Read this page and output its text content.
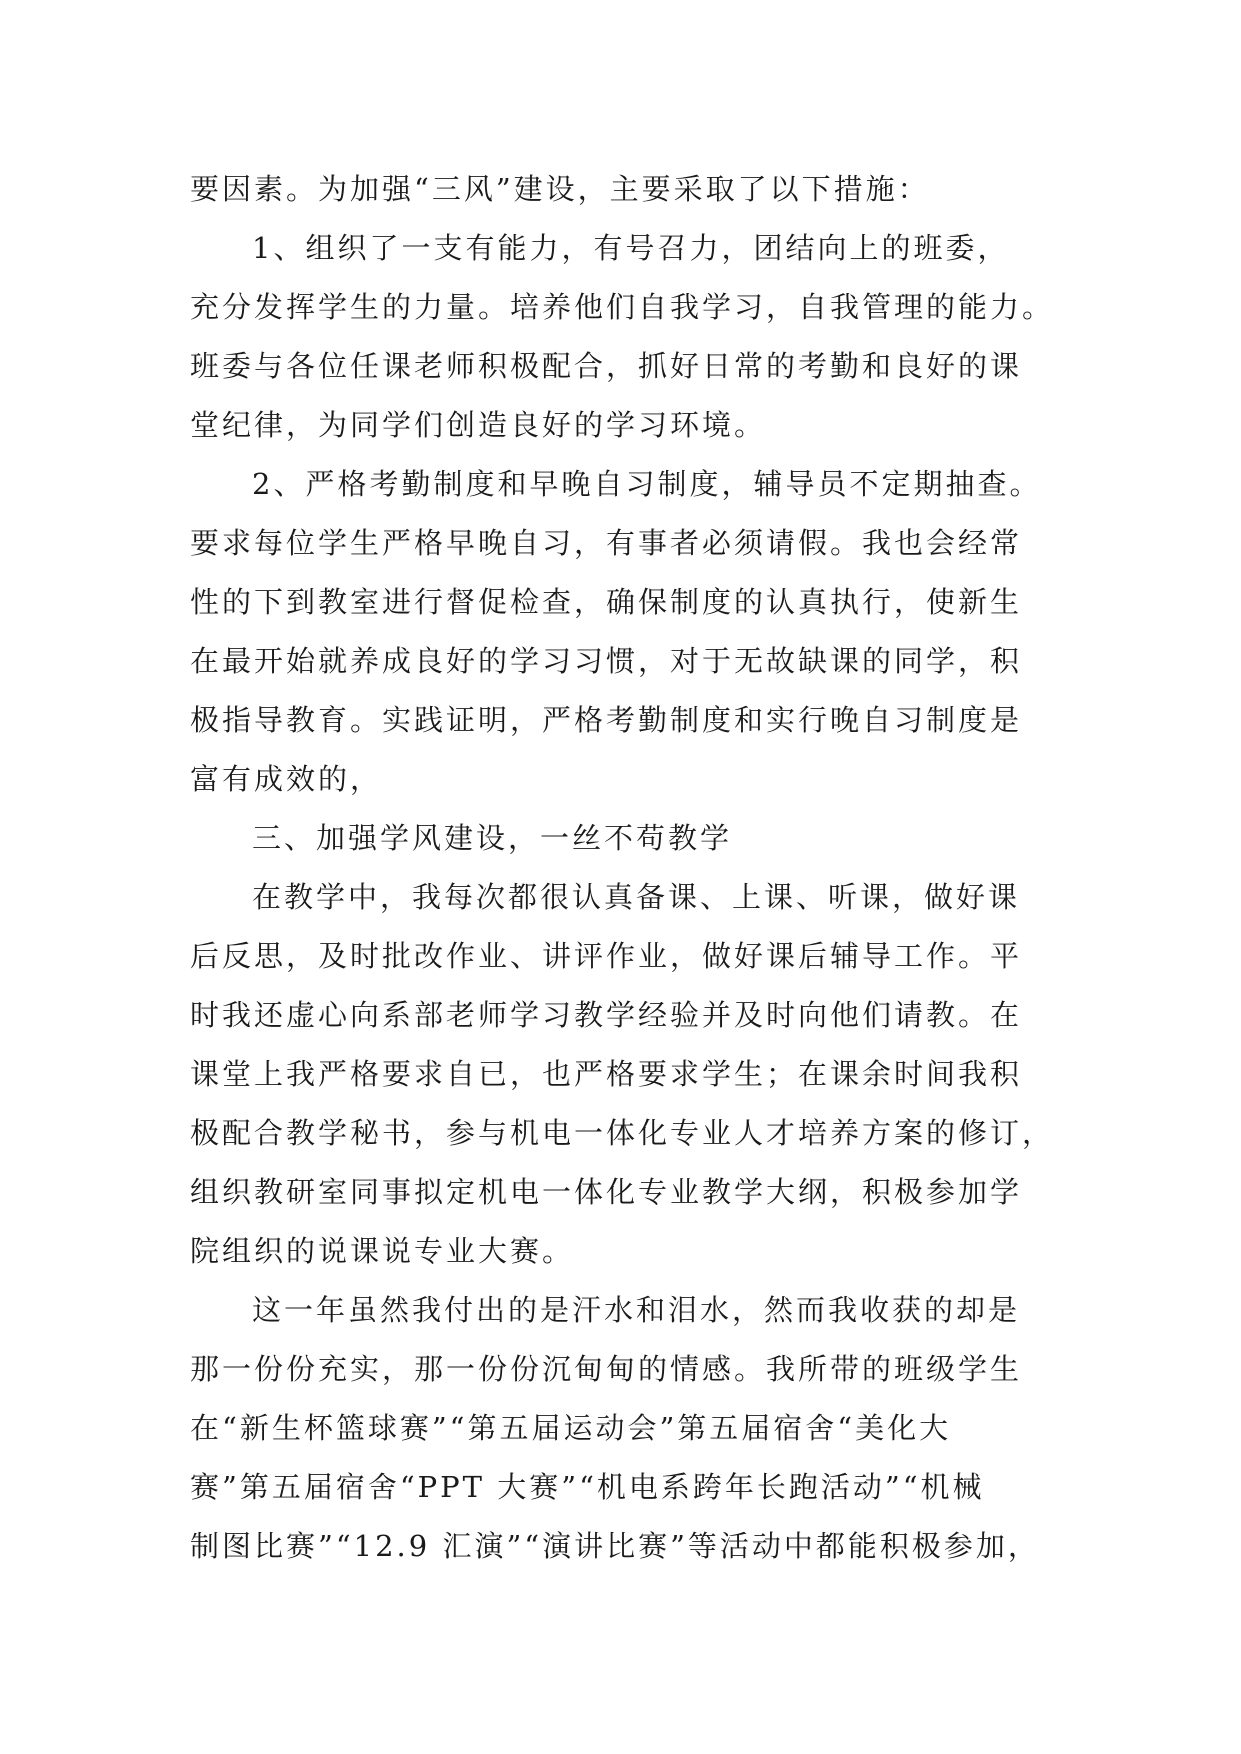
要因素。为加强“三风”建设，主要采取了以下措施：
1、组织了一支有能力，有号召力，团结向上的班委，
充分发挥学生的力量。培养他们自我学习，自我管理的能力。
班委与各位任课老师积极配合，抓好日常的考勤和良好的课
堂纪律，为同学们创造良好的学习环境。
2、严格考勤制度和早晚自习制度，辅导员不定期抽查。
要求每位学生严格早晚自习，有事者必须请假。我也会经常
性的下到教室进行督促检查，确保制度的认真执行，使新生
在最开始就养成良好的学习习惯，对于无故缺课的同学，积
极指导教育。实践证明，严格考勤制度和实行晚自习制度是
富有成效的，
三、加强学风建设，一丝不苟教学
在教学中，我每次都很认真备课、上课、听课，做好课
后反思，及时批改作业、讲评作业，做好课后辅导工作。平
时我还虚心向系部老师学习教学经验并及时向他们请教。在
课堂上我严格要求自已，也严格要求学生；在课余时间我积
极配合教学秘书，参与机电一体化专业人才培养方案的修订，
组织教研室同事拟定机电一体化专业教学大纲，积极参加学
院组织的说课说专业大赛。
这一年虽然我付出的是汗水和泪水，然而我收获的却是
那一份份充实，那一份份沉甸甸的情感。我所带的班级学生
在“新生杯篮球赛”“第五届运动会”第五届宿舍“美化大
赛”第五届宿舍“PPT 大赛”“机电系跨年长跑活动”“机械
制图比赛”“12.9 汇演”“演讲比赛”等活动中都能积极参加，
